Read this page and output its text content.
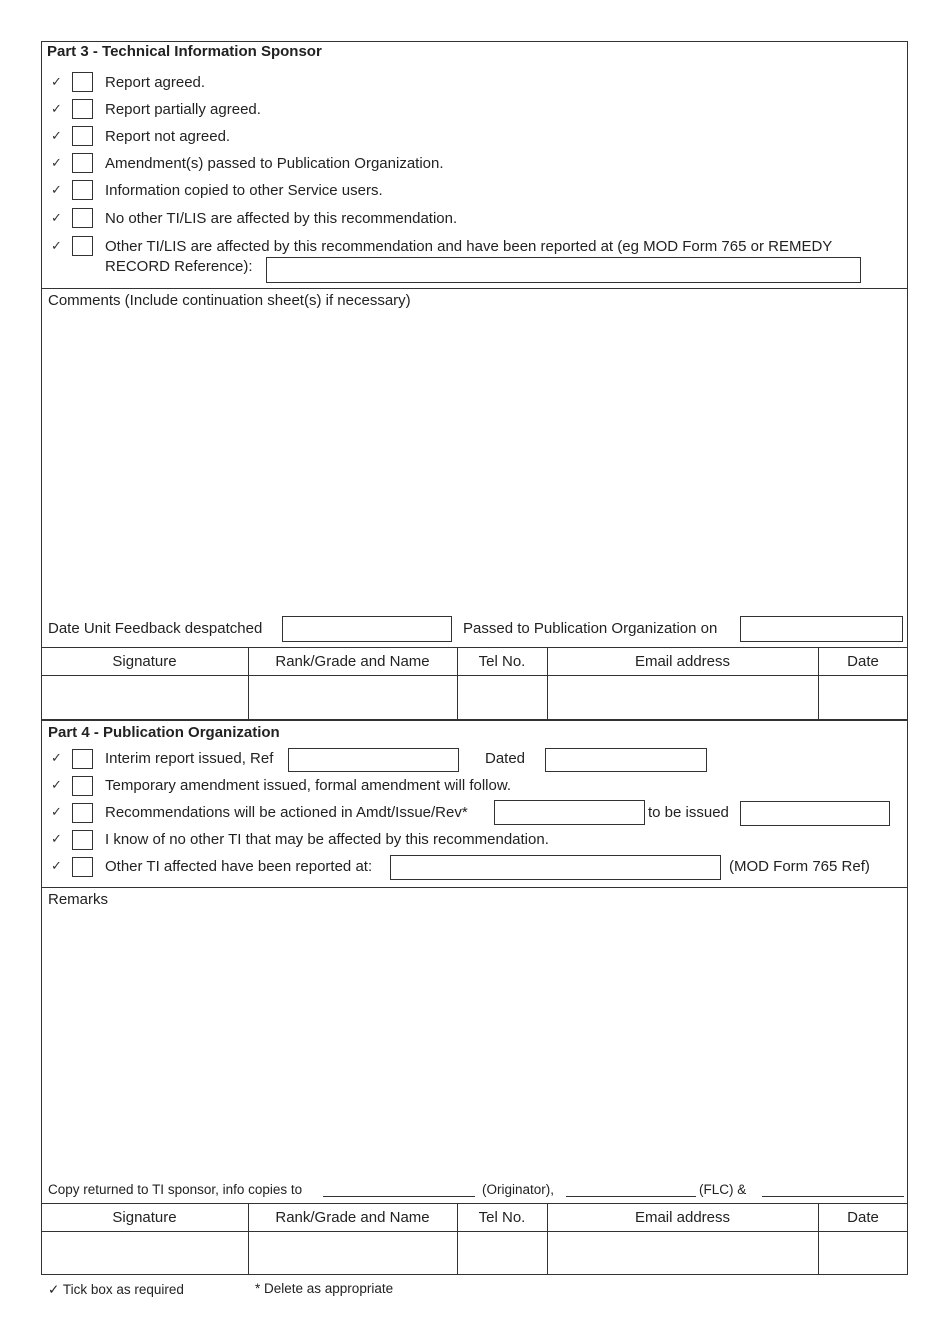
Part 3 - Technical Information Sponsor
✓	Report agreed.
✓	Report partially agreed.
✓	Report not agreed.
✓	Amendment(s) passed to Publication Organization.
✓	Information copied to other Service users.
✓	No other TI/LIS are affected by this recommendation.
✓	Other TI/LIS are affected by this recommendation and have been reported at (eg MOD Form 765 or REMEDY
RECORD Reference):
Comments (Include continuation sheet(s) if necessary)
Date Unit Feedback despatched	Passed to Publication Organization on
Signature	Rank/Grade and Name	Tel No.	Email address	Date
Part 4 - Publication Organization
✓	Interim report issued, Ref	Dated
✓	Temporary amendment issued, formal amendment will follow.
✓	Recommendations will be actioned in Amdt/Issue/Rev*	to be issued
✓	I know of no other TI that may be affected by this recommendation.
✓	Other TI affected have been reported at:	(MOD Form 765 Ref)
Remarks
Copy returned to TI sponsor, info copies to	(Originator),	(FLC) &
Signature	Rank/Grade and Name	Tel No.	Email address	Date
✓ Tick box as required	* Delete as appropriate
